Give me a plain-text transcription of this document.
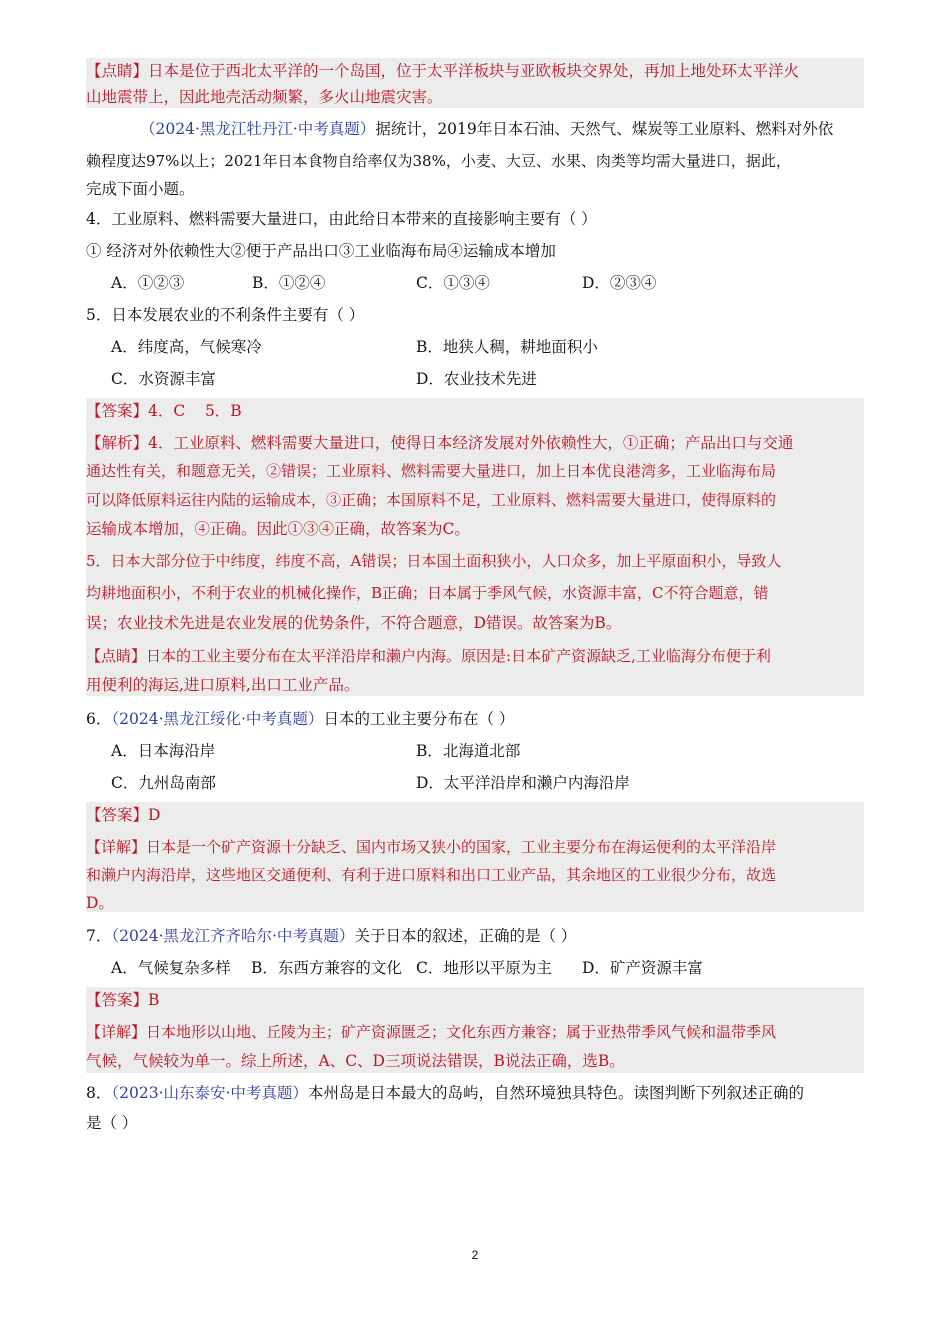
【点睛】日本是位于西北太平洋的一个岛国，位于太平洋板块与亚欧板块交界处，再加上地处环太平洋火
山地震带上，因此地壳活动频繁，多火山地震灾害。
（2024·黑龙江牡丹江·中考真题）据统计，2019年日本石油、天然气、煤炭等工业原料、燃料对外依
赖程度达97%以上；2021年日本食物自给率仅为38%，小麦、大豆、水果、肉类等均需大量进口，据此，
完成下面小题。
4．工业原料、燃料需要大量进口，由此给日本带来的直接影响主要有（ ）
① 经济对外依赖性大②便于产品出口③工业临海布局④运输成本增加
A．①②③	B．①②④	C．①③④	D．②③④
5．日本发展农业的不利条件主要有（ ）
A．纬度高，气候寒冷	B．地狭人稠，耕地面积小
C．水资源丰富	D．农业技术先进
【答案】4．C    5．B
【解析】4．工业原料、燃料需要大量进口，使得日本经济发展对外依赖性大，①正确；产品出口与交通
通达性有关，和题意无关，②错误；工业原料、燃料需要大量进口，加上日本优良港湾多，工业临海布局
可以降低原料运往内陆的运输成本，③正确；本国原料不足，工业原料、燃料需要大量进口，使得原料的
运输成本增加，④正确。因此①③④正确，故答案为C。
5．日本大部分位于中纬度，纬度不高，A错误；日本国土面积狭小，人口众多，加上平原面积小，导致人
均耕地面积小，不利于农业的机械化操作，B正确；日本属于季风气候，水资源丰富，C不符合题意，错
误；农业技术先进是农业发展的优势条件，不符合题意，D错误。故答案为B。
【点睛】日本的工业主要分布在太平洋沿岸和濑户内海。原因是:日本矿产资源缺乏,工业临海分布便于利
用便利的海运,进口原料,出口工业产品。
6．（2024·黑龙江绥化·中考真题）日本的工业主要分布在（ ）
A．日本海沿岸	B．北海道北部
C．九州岛南部	D．太平洋沿岸和濑户内海沿岸
【答案】D
【详解】日本是一个矿产资源十分缺乏、国内市场又狭小的国家，工业主要分布在海运便利的太平洋沿岸
和濑户内海沿岸，这些地区交通便利、有利于进口原料和出口工业产品，其余地区的工业很少分布，故选
D。
7．（2024·黑龙江齐齐哈尔·中考真题）关于日本的叙述，正确的是（ ）
A．气候复杂多样 B．东西方兼容的文化 C．地形以平原为主 D．矿产资源丰富
【答案】B
【详解】日本地形以山地、丘陵为主；矿产资源匮乏；文化东西方兼容；属于亚热带季风气候和温带季风
气候，气候较为单一。综上所述，A、C、D三项说法错误，B说法正确，选B。
8．（2023·山东泰安·中考真题）本州岛是日本最大的岛屿，自然环境独具特色。读图判断下列叙述正确的
是（ ）
2
